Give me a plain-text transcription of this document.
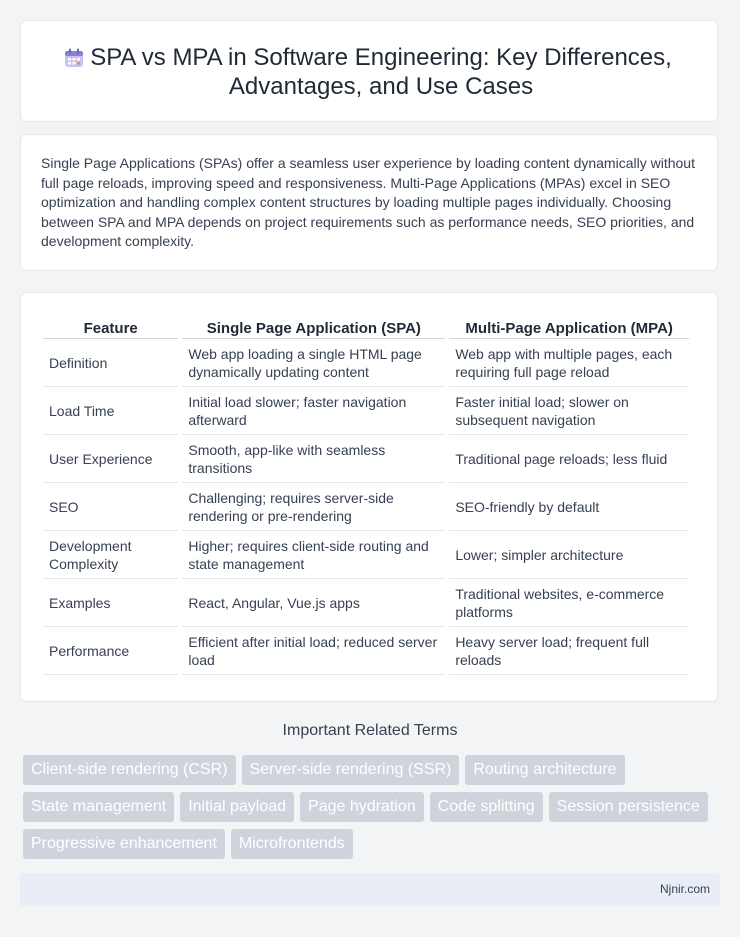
SPA vs MPA in Software Engineering: Key Differences, Advantages, and Use Cases

Single Page Applications (SPAs) offer a seamless user experience by loading content dynamically without full page reloads, improving speed and responsiveness. Multi-Page Applications (MPAs) excel in SEO optimization and handling complex content structures by loading multiple pages individually. Choosing between SPA and MPA depends on project requirements such as performance needs, SEO priorities, and development complexity.

Feature	Single Page Application (SPA)	Multi-Page Application (MPA)
Definition	Web app loading a single HTML page dynamically updating content	Web app with multiple pages, each requiring full page reload
Load Time	Initial load slower; faster navigation afterward	Faster initial load; slower on subsequent navigation
User Experience	Smooth, app-like with seamless transitions	Traditional page reloads; less fluid
SEO	Challenging; requires server-side rendering or pre-rendering	SEO-friendly by default
Development Complexity	Higher; requires client-side routing and state management	Lower; simpler architecture
Examples	React, Angular, Vue.js apps	Traditional websites, e-commerce platforms
Performance	Efficient after initial load; reduced server load	Heavy server load; frequent full reloads
Important Related Terms
Client-side rendering (CSR)	Server-side rendering (SSR)	Routing architecture
State management	Initial payload	Page hydration	Code splitting	Session persistence
Progressive enhancement	Microfrontends
Njnir.com
